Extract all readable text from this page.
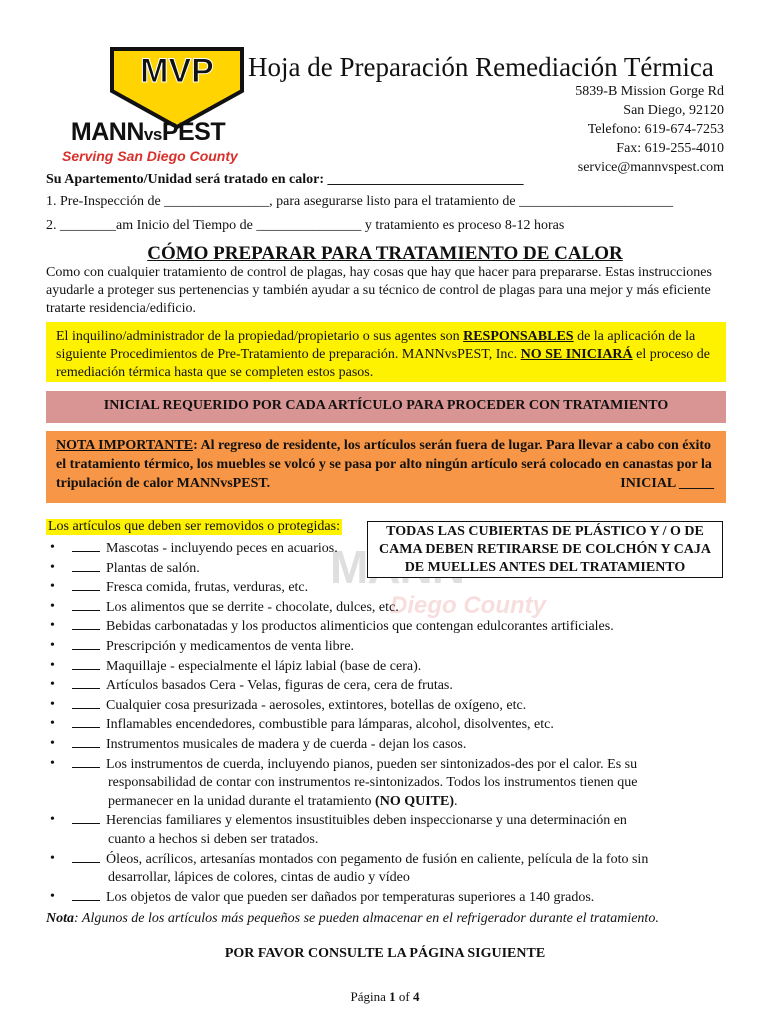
MVP
MANNvsPEST
Serving San Diego County
Diego County
Hoja de Preparación Remediación Térmica
5839-B Mission Gorge Rd
San Diego, 92120
Telefono: 619-674-7253
Fax: 619-255-4010
service@mannvspest.com
Su Apartemento/Unidad será tratado en calor: ____________________________
1. Pre-Inspección de _______________, para asegurarse listo para el tratamiento de ______________________
2. ________am Inicio del Tiempo de _______________ y tratamiento es proceso 8-12 horas
CÓMO PREPARAR PARA TRATAMIENTO DE CALOR
Como con cualquier tratamiento de control de plagas, hay cosas que hay que hacer para prepararse. Estas instrucciones ayudarle a proteger sus pertenencias y también ayudar a su técnico de control de plagas para una mejor y más eficiente tratarte residencia/edificio.
El inquilino/administrador de la propiedad/propietario o sus agentes son RESPONSABLES de la aplicación de la siguiente Procedimientos de Pre-Tratamiento de preparación. MANNvsPEST, Inc. NO SE INICIARÁ el proceso de remediación térmica hasta que se completen estos pasos.
INICIAL REQUERIDO POR CADA ARTÍCULO PARA PROCEDER CON TRATAMIENTO
NOTA IMPORTANTE: Al regreso de residente, los artículos serán fuera de lugar. Para llevar a cabo con éxito el tratamiento térmico, los muebles se volcó y se pasa por alto ningún artículo será colocado en canastas por la tripulación de calor MANNvsPEST.	INICIAL _____
Los artículos que deben ser removidos o protegidas:
•	Mascotas - incluyendo peces en acuarios.
•	Plantas de salón.
•	Fresca comida, frutas, verduras, etc.
•	Los alimentos que se derrite - chocolate, dulces, etc.
•	Bebidas carbonatadas y los productos alimenticios que contengan edulcorantes artificiales.
•	Prescripción y medicamentos de venta libre.
•	Maquillaje - especialmente el lápiz labial (base de cera).
•	Artículos basados Cera - Velas, figuras de cera, cera de frutas.
•	Cualquier cosa presurizada - aerosoles, extintores, botellas de oxígeno, etc.
•	Inflamables encendedores, combustible para lámparas, alcohol, disolventes, etc.
•	Instrumentos musicales de madera y de cuerda - dejan los casos.
•	Los instrumentos de cuerda, incluyendo pianos, pueden ser sintonizados-des por el calor. Es su
responsabilidad de contar con instrumentos re-sintonizados. Todos los instrumentos tienen que
permanecer en la unidad durante el tratamiento (NO QUITE).
•	Herencias familiares y elementos insustituibles deben inspeccionarse y una determinación en
cuanto a hechos si deben ser tratados.
•	Óleos, acrílicos, artesanías montados con pegamento de fusión en caliente, película de la foto sin
desarrollar, lápices de colores, cintas de audio y vídeo
•	Los objetos de valor que pueden ser dañados por temperaturas superiores a 140 grados.
TODAS LAS CUBIERTAS DE PLÁSTICO Y / O DE CAMA DEBEN RETIRARSE DE COLCHÓN Y CAJA DE MUELLES ANTES DEL TRATAMIENTO
Nota: Algunos de los artículos más pequeños se pueden almacenar en el refrigerador durante el tratamiento.
POR FAVOR CONSULTE LA PÁGINA SIGUIENTE
Página 1 of 4
